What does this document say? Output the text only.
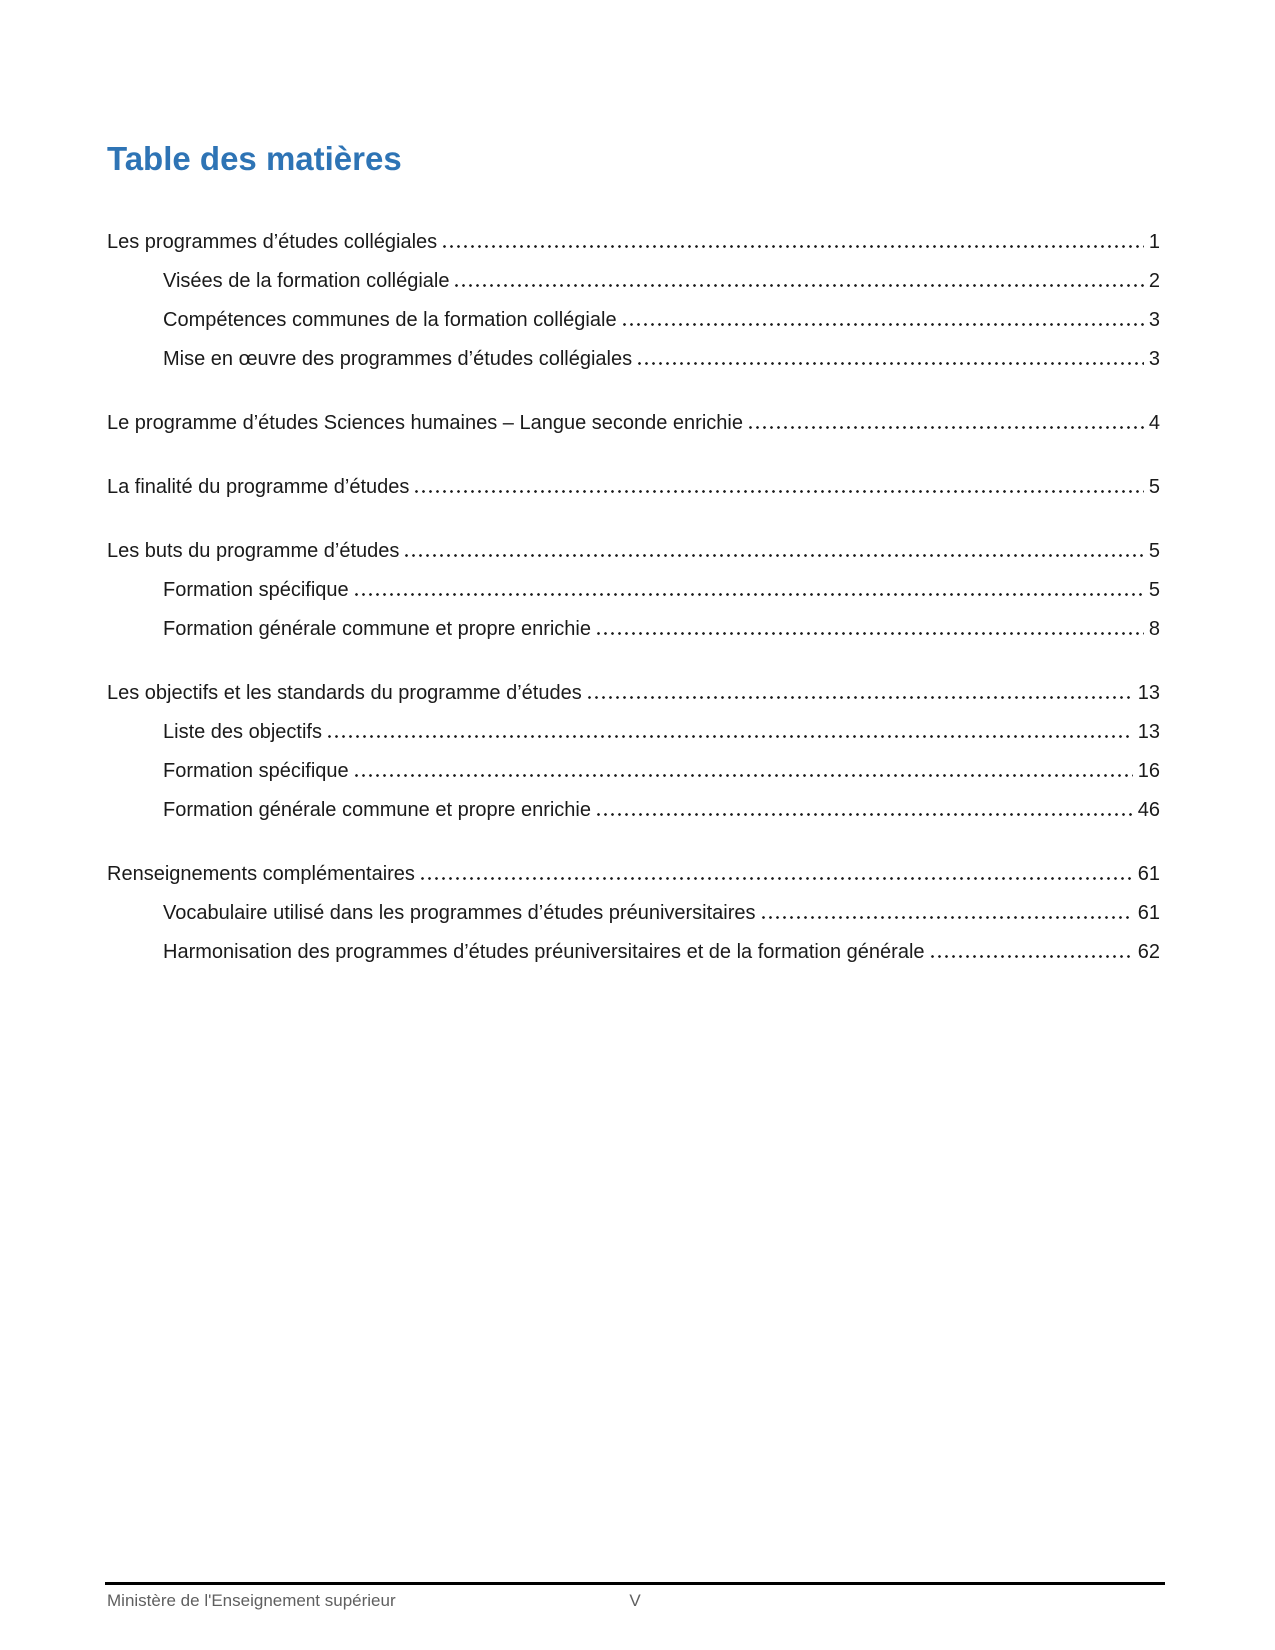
Table des matières
Les programmes d’études collégiales	1
Visées de la formation collégiale	2
Compétences communes de la formation collégiale	3
Mise en œuvre des programmes d’études collégiales	3
Le programme d’études Sciences humaines – Langue seconde enrichie	4
La finalité du programme d’études	5
Les buts du programme d’études	5
Formation spécifique	5
Formation générale commune et propre enrichie	8
Les objectifs et les standards du programme d’études	13
Liste des objectifs	13
Formation spécifique	16
Formation générale commune et propre enrichie	46
Renseignements complémentaires	61
Vocabulaire utilisé dans les programmes d’études préuniversitaires	61
Harmonisation des programmes d’études préuniversitaires et de la formation générale	62
Ministère de l'Enseignement supérieur	V
